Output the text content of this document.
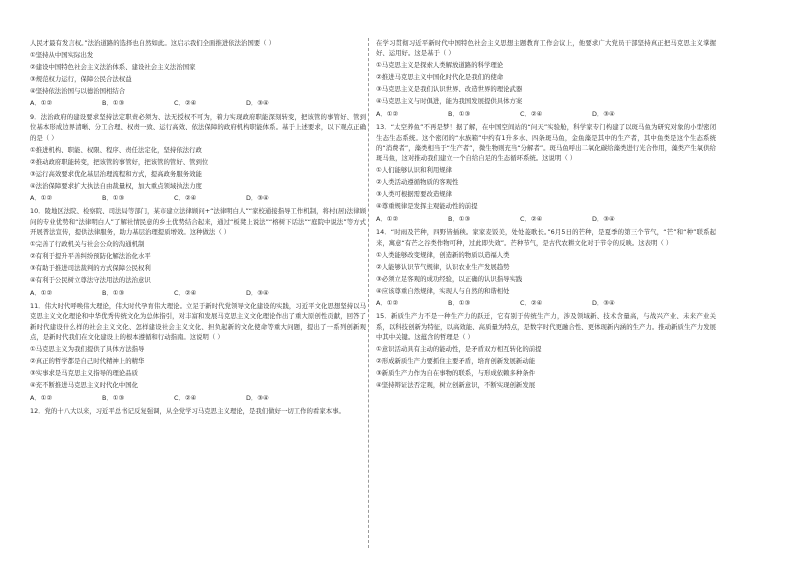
人民才最有发言权。”法治道路的选择也自然如此。这启示我们全面推进依法治国要（ ）

①坚持从中国实际出发

②建设中国特色社会主义法治体系、建设社会主义法治国家

③规范权力运行，保障公民合法权益

④坚持依法治国与以德治国相结合

A．①②	B．①③	C．②④	D．③④

9．法治政府的建设要求坚持法定职责必须为、法无授权不可为，着力实现政府职能深刻转变，把该管的事管好、管到位基本形成边界清晰、分工合理、权责一致、运行高效、依法保障的政府机构职能体系。基于上述要求，以下观点正确的是（ ）

①推进机构、职能、权限、程序、责任法定化，坚持依法行政

②推动政府职能转变，把该管的事管好，把该管的管好、管到位

③运行高效要求优化基层治理流程和方式，提高政务服务效能

④法治保障要求扩大执法自由裁量权，加大重点领域执法力度

A．①②	B．①③	C．②④	D．③④

10．陵地区法院、检察院、司法局等部门，某市建立法律顾问+“法律明白人”“家校通接指导工作机制，将村(居)法律顾问的专业优势和“法律明白人”了解社情民意的乡土优势结合起来，通过“板凳上说法”“榕树下话法”“庭院中说法”等方式开展普法宣传，提供法律服务，助力基层治理提质增效。这种做法（ ）

①完善了行政机关与社会公众的沟通机制

②有利于提升平善纠纷预防化解法治化水平

③有助于推进司法裁判的方式保障公民权利

④有利于公民树立尊法守法用法的法治意识

A．①②	B．①③	C．②④	D．③④

11．伟大时代呼唤伟大理论，伟大时代孕育伟大理论。立足于新时代党领导文化建设的实践，习近平文化思想坚持以马克思主义文化理论和中华优秀传统文化为总体指引，对丰富和发展马克思主义文化理论作出了重大原创性贡献，回答了新时代建设什么样的社会主义文化、怎样建设社会主义文化、担负起新的文化使命等重大问题，提出了一系列创新观点，是新时代我们在文化建设上的根本遵循和行动指南。这说明（ ）

①马克思主义为我们提供了具体方法指导

②真正的哲学都是自己时代精神上的精华

③实事求是马克思主义指导的理论品质

④充不断推进马克思主义时代化中国化

A．①②	B．①③	C．②④	D．③④

12．党的十八大以来，习近平总书记反复强调，从全党学习马克思主义理论，是我们做好一切工作的看家本事。

在学习贯彻习近平新时代中国特色社会主义思想主题教育工作会议上，他要求广大党员干部坚持真正把马克思主义掌握好、运用好。这是基于（ ）

①马克思主义是探索人类解放道路的科学理论

②推进马克思主义中国化时代化是我们的使命

③马克思主义是我们认识世界、改造世界的理论武器

④马克思主义与时俱进，能为我国发展提供具体方案

A．①②	B．①③	C．②④	D．③④

13．“太空养鱼”不再是梦！据了解，在中国空间站的“问天”实验舱，科学家专门构建了以斑马鱼为研究对象的小型密闭生态生态系统。这个密闭的“水族箱”中约有1升多水、四条斑马鱼，金鱼藻是其中的生产者，其中鱼类是这个生态系统的“消费者”，藻类相当于“生产者”，微生物则充当“分解者”。斑马鱼呼出二氧化碳给藻类进行光合作用，藻类产生氧供给斑马鱼，这对推动我们建立一个自给自足的生态循环系统。这说明（ ）

①人们能够认识和利用规律

②人类活动遵循物质的客观性

③人类可根据需要改造规律

④尊重规律是发挥主观能动性的前提

A．①②	B．①③	C．②④	D．③④

14．“时雨及芒种，四野皆插秧。家家麦饭美，处处菱歌长。”6月5日的芒种，是夏季的第三个节气，“芒”和“种”联系起来，寓意“有芒之谷类作物可种，过此即失效”。芒种节气，是古代农耕文化对于节令的反映。这表明（ ）

①人类能够改变规律，创造新的物质以造福人类

②人能够认识节气规律，认识农业生产发展趋势

③必须立足客观的成功经验，以正确的认识指导实践

④应该尊重自然规律，实现人与自然的和谐相处

A．①②	B．①③	C．②④	D．③④

15．新质生产力不是一种生产力的跃迁，它有别于传统生产力，涉及领域新、技术含量高，与战兴产业、未来产业关系，以科技创新为特征，以高效能、高质量为特点，是数字时代更融合性、更体现新内涵的生产力。推动新质生产力发展中其中关键。这蕴含的哲理是（ ）

①意识活动具有主动的能动性，是矛盾双方相互转化的前提

②形成新质生产力要抓住主要矛盾，培育创新发展新动能

③新质生产力作为自在事物的联系，与形成依赖多种条件

④坚持辩证法否定观，树立创新意识，不断实现创新发展
